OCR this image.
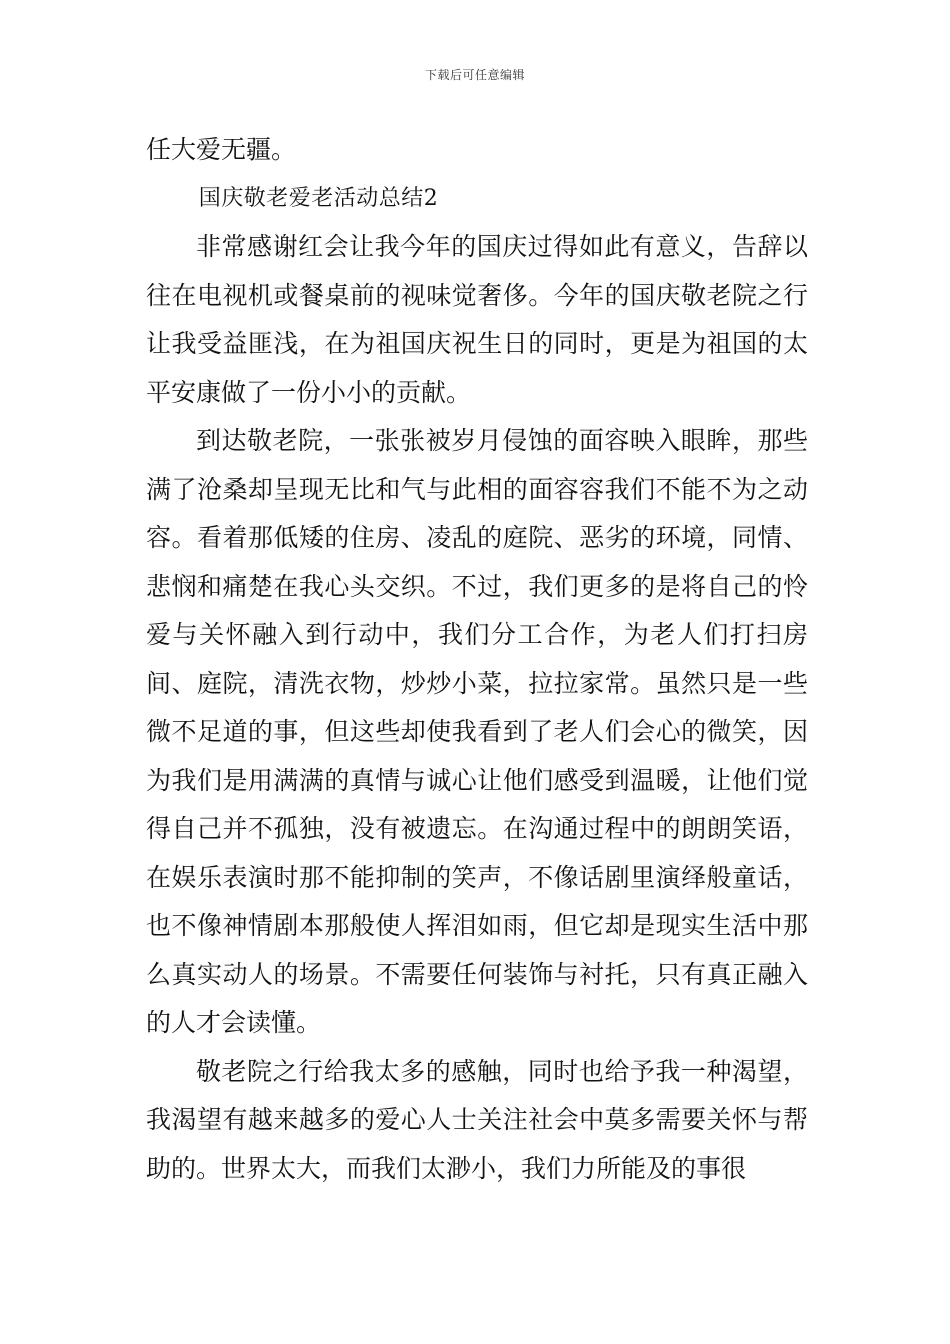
下载后可任意编辑

任大爱无疆。

国庆敬老爱老活动总结2

非常感谢红会让我今年的国庆过得如此有意义，告辞以往在电视机或餐桌前的视味觉奢侈。今年的国庆敬老院之行让我受益匪浅，在为祖国庆祝生日的同时，更是为祖国的太平安康做了一份小小的贡献。

到达敬老院，一张张被岁月侵蚀的面容映入眼眸，那些满了沧桑却呈现无比和气与此相的面容容我们不能不为之动容。看着那低矮的住房、凌乱的庭院、恶劣的环境，同情、悲悯和痛楚在我心头交织。不过，我们更多的是将自己的怜爱与关怀融入到行动中，我们分工合作，为老人们打扫房间、庭院，清洗衣物，炒炒小菜，拉拉家常。虽然只是一些微不足道的事，但这些却使我看到了老人们会心的微笑，因为我们是用满满的真情与诚心让他们感受到温暖，让他们觉得自己并不孤独，没有被遗忘。在沟通过程中的朗朗笑语，在娱乐表演时那不能抑制的笑声，不像话剧里演绎般童话，也不像神情剧本那般使人挥泪如雨，但它却是现实生活中那么真实动人的场景。不需要任何装饰与衬托，只有真正融入的人才会读懂。

敬老院之行给我太多的感触，同时也给予我一种渴望，我渴望有越来越多的爱心人士关注社会中莫多需要关怀与帮助的。世界太大，而我们太渺小，我们力所能及的事很
